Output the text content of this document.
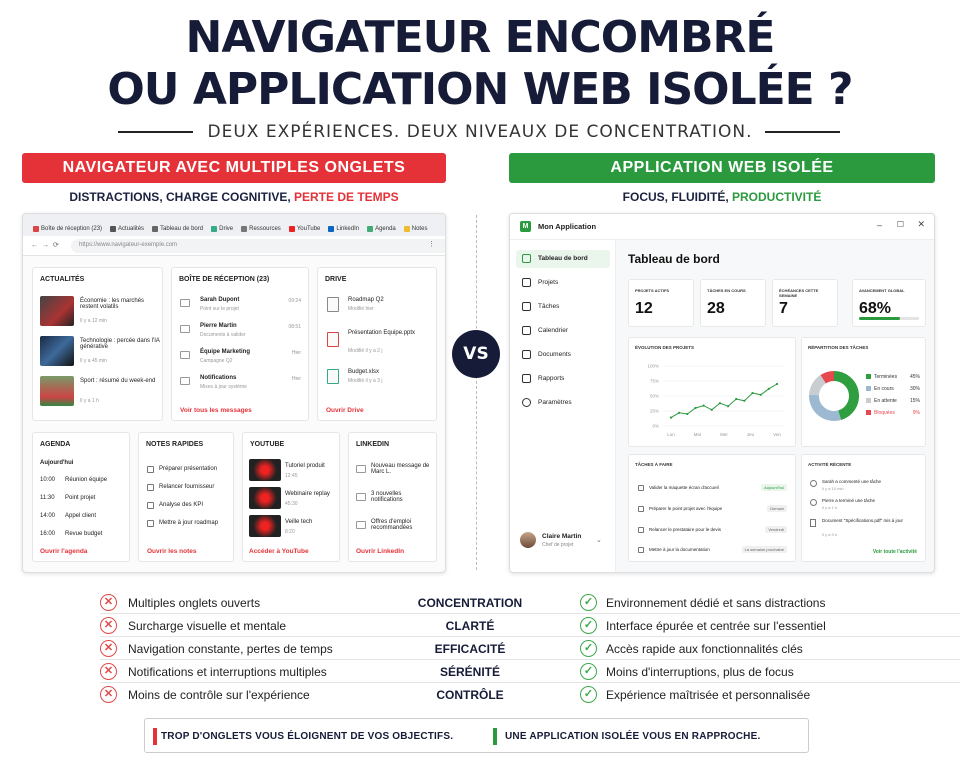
NAVIGATEUR ENCOMBRÉ
OU APPLICATION WEB ISOLÉE ?
DEUX EXPÉRIENCES. DEUX NIVEAUX DE CONCENTRATION.
NAVIGATEUR AVEC MULTIPLES ONGLETS	APPLICATION WEB ISOLÉE
DISTRACTIONS, CHARGE COGNITIVE, PERTE DE TEMPS	FOCUS, FLUIDITÉ, PRODUCTIVITÉ
Boîte de réception (23)	Actualités	Tableau de bord	Drive	Ressources	YouTube	LinkedIn	Agenda	Notes
←→⟳	https://www.navigateur-exemple.com	⋮
ACTUALITÉS
Économie : les marchés restent volatils
Il y a 12 min
Technologie : percée dans l'IA générative
Il y a 45 min
Sport : résumé du week-end
Il y a 1 h
BOÎTE DE RÉCEPTION (23)
Sarah Dupont
Point sur le projet
09:24
Pierre Martin
Documents à valider
08:51
Équipe Marketing
Campagne Q2
Hier
Notifications
Mises à jour système
Hier
Voir tous les messages
DRIVE
Roadmap Q2
Modifié hier
Présentation Equipe.pptx
Modifié il y a 2 j
Budget.xlsx
Modifié il y a 3 j
Ouvrir Drive
AGENDA
Aujourd'hui
10:00 Réunion équipe
11:30 Point projet
14:00 Appel client
16:00 Revue budget
Ouvrir l'agenda
NOTES RAPIDES
Préparer présentation
Relancer fournisseur
Analyse des KPI
Mettre à jour roadmap
Ouvrir les notes
YOUTUBE
Tutoriel produit
12:45
Webinaire replay
45:30
Veille tech
8:20
Accéder à YouTube
LINKEDIN
Nouveau message de Marc L.
3 nouvelles notifications
Offres d'emploi recommandées
Ouvrir LinkedIn
VS
M	Mon Application	– ☐ ✕
Tableau de bord
Projets
Tâches
Calendrier
Documents
Rapports
Paramètres
Claire Martin
Chef de projet
⌄
Tableau de bord
PROJETS ACTIFS
12
TÂCHES EN COURS
28
ÉCHÉANCES CETTE SEMAINE
7
AVANCEMENT GLOBAL
68%
ÉVOLUTION DES PROJETS
100%
75%
50%
25%
0%
Lun	Mar	Mer	Jeu	Ven
RÉPARTITION DES TÂCHES
Terminées	45%
En cours	30%
En attente	15%
Bloquées	9%
TÂCHES À FAIRE
Valider la maquette écran d'accueil	Aujourd'hui
Préparer le point projet avec l'équipe	Demain
Relancer le prestataire pour le devis	Vendredi
Mettre à jour la documentation	La semaine prochaine
ACTIVITÉ RÉCENTE
Sarah a commenté une tâche
Il y a 10 min
Pierre a terminé une tâche
Il y a 1 h
Document "Spécifications.pdf" mis à jour
Il y a 3 h
Voir toute l'activité
✕	Multiples onglets ouverts	CONCENTRATION	✓	Environnement dédié et sans distractions
✕	Surcharge visuelle et mentale	CLARTÉ	✓	Interface épurée et centrée sur l'essentiel
✕	Navigation constante, pertes de temps	EFFICACITÉ	✓	Accès rapide aux fonctionnalités clés
✕	Notifications et interruptions multiples	SÉRÉNITÉ	✓	Moins d'interruptions, plus de focus
✕	Moins de contrôle sur l'expérience	CONTRÔLE	✓	Expérience maîtrisée et personnalisée
TROP D'ONGLETS VOUS ÉLOIGNENT DE VOS OBJECTIFS.	UNE APPLICATION ISOLÉE VOUS EN RAPPROCHE.
